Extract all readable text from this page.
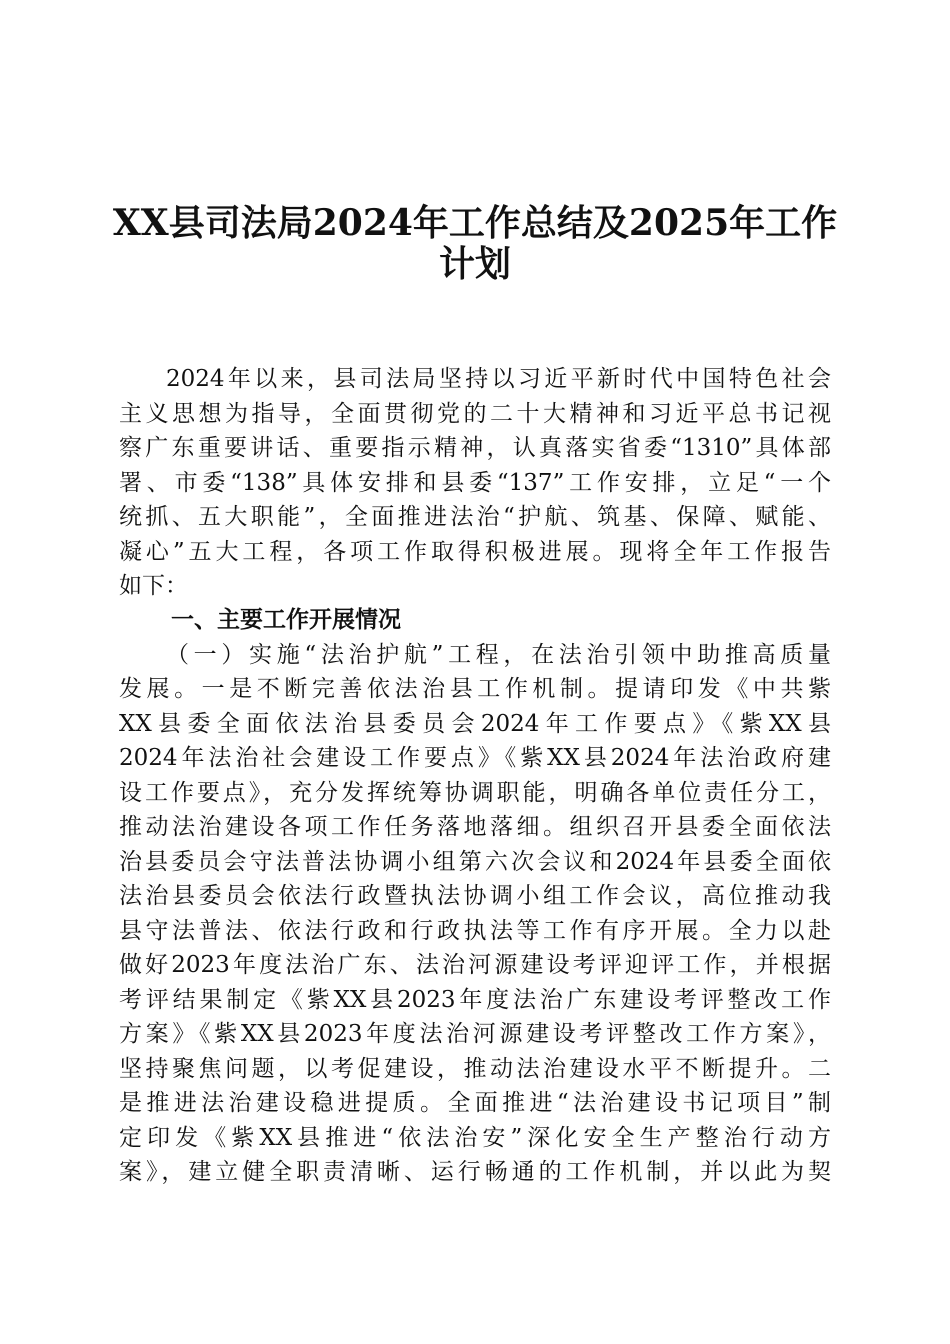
XX县司法局2024年工作总结及2025年工作
计划
2024年以来，县司法局坚持以习近平新时代中国特色社会
主义思想为指导，全面贯彻党的二十大精神和习近平总书记视
察广东重要讲话、重要指示精神，认真落实省委“1310”具体部
署、市委“138”具体安排和县委“137”工作安排，立足“一个
统抓、五大职能”，全面推进法治“护航、筑基、保障、赋能、
凝心”五大工程，各项工作取得积极进展。现将全年工作报告
如下：
一、主要工作开展情况
（一）实施“法治护航”工程，在法治引领中助推高质量
发展。一是不断完善依法治县工作机制。提请印发《中共紫
XX县委全面依法治县委员会2024年工作要点》《紫XX县
2024年法治社会建设工作要点》《紫XX县2024年法治政府建
设工作要点》，充分发挥统筹协调职能，明确各单位责任分工，
推动法治建设各项工作任务落地落细。组织召开县委全面依法
治县委员会守法普法协调小组第六次会议和2024年县委全面依
法治县委员会依法行政暨执法协调小组工作会议，高位推动我
县守法普法、依法行政和行政执法等工作有序开展。全力以赴
做好2023年度法治广东、法治河源建设考评迎评工作，并根据
考评结果制定《紫XX县2023年度法治广东建设考评整改工作
方案》《紫XX县2023年度法治河源建设考评整改工作方案》，
坚持聚焦问题，以考促建设，推动法治建设水平不断提升。二
是推进法治建设稳进提质。全面推进“法治建设书记项目”制
定印发《紫XX县推进“依法治安”深化安全生产整治行动方
案》，建立健全职责清晰、运行畅通的工作机制，并以此为契
